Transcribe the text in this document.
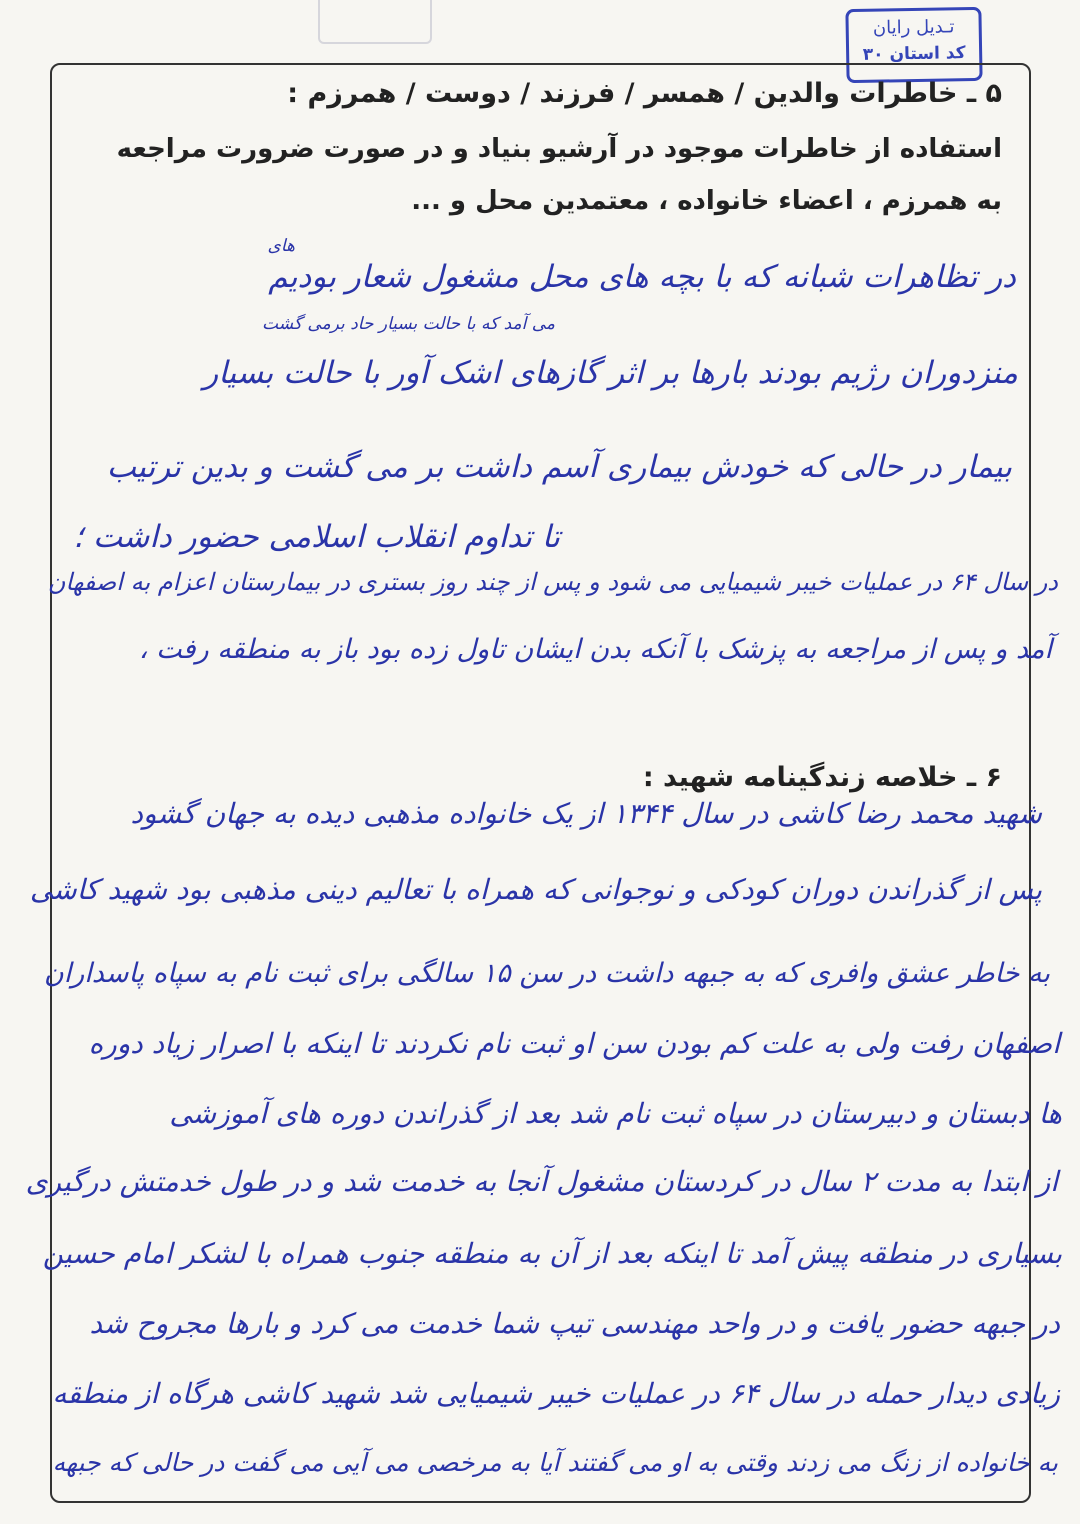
تـدیل رایان
کد استان ۳۰
۵ ـ خاطرات والدین / همسر / فرزند / دوست / همرزم :
استفاده از خاطرات موجود در آرشیو بنیاد و در صورت ضرورت مراجعه
به همرزم ، اعضاء خانواده ، معتمدین محل و ...
های
در تظاهرات شبانه که با بچه های محل مشغول شعار بودیم
می آمد که با حالت بسیار حاد برمی گشت
منزدوران رژیم بودند بارها بر اثر گازهای اشک آور با حالت بسیار
بیمار در حالی که خودش بیماری آسم داشت بر می گشت و بدین ترتیب
تا تداوم انقلاب اسلامی حضور داشت ؛
در سال ۶۴ در عملیات خیبر شیمیایی می شود و پس از چند روز بستری در بیمارستان اعزام به اصفهان
آمد و پس از مراجعه به پزشک با آنکه بدن ایشان تاول زده بود باز به منطقه رفت ،
۶ ـ خلاصه زندگینامه شهید :
شهید محمد رضا کاشی در سال ۱۳۴۴ از یک خانواده مذهبی دیده به جهان گشود
پس از گذراندن دوران کودکی و نوجوانی که همراه با تعالیم دینی مذهبی بود شهید کاشی
به خاطر عشق وافری که به جبهه داشت در سن ۱۵ سالگی برای ثبت نام به سپاه پاسداران
اصفهان رفت ولی به علت کم بودن سن او ثبت نام نکردند تا اینکه با اصرار زیاد دوره
ها دبستان و دبیرستان در سپاه ثبت نام شد بعد از گذراندن دوره های آموزشی
از ابتدا به مدت ۲ سال در کردستان مشغول آنجا به خدمت شد و در طول خدمتش درگیری
بسیاری در منطقه پیش آمد تا اینکه بعد از آن به منطقه جنوب همراه با لشکر امام حسین
در جبهه حضور یافت و در واحد مهندسی تیپ شما خدمت می کرد و بارها مجروح شد
زیادی دیدار حمله در سال ۶۴ در عملیات خیبر شیمیایی شد شهید کاشی هرگاه از منطقه
به خانواده از زنگ می زدند وقتی به او می گفتند آیا به مرخصی می آیی می گفت در حالی که جبهه
